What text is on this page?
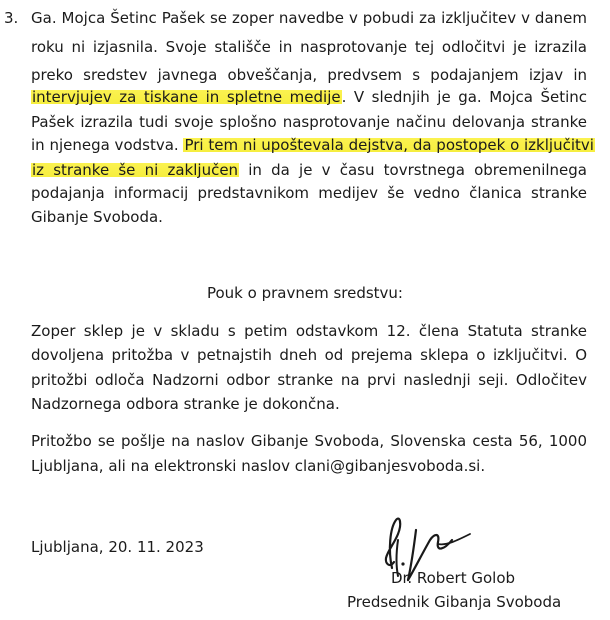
3. Ga. Mojca Šetinc Pašek se zoper navedbe v pobudi za izključitev v danem
roku ni izjasnila. Svoje stališče in nasprotovanje tej odločitvi je izrazila
preko sredstev javnega obveščanja, predvsem s podajanjem izjav in
intervjujev za tiskane in spletne medije. V slednjih je ga. Mojca Šetinc
Pašek izrazila tudi svoje splošno nasprotovanje načinu delovanja stranke
in njenega vodstva. Pri tem ni upoštevala dejstva, da postopek o izključitvi
iz stranke še ni zaključen in da je v času tovrstnega obremenilnega
podajanja informacij predstavnikom medijev še vedno članica stranke
Gibanje Svoboda.
Pouk o pravnem sredstvu:
Zoper sklep je v skladu s petim odstavkom 12. člena Statuta stranke
dovoljena pritožba v petnajstih dneh od prejema sklepa o izključitvi. O
pritožbi odloča Nadzorni odbor stranke na prvi naslednji seji. Odločitev
Nadzornega odbora stranke je dokončna.
Pritožbo se pošlje na naslov Gibanje Svoboda, Slovenska cesta 56, 1000
Ljubljana, ali na elektronski naslov clani@gibanjesvoboda.si.
Ljubljana, 20. 11. 2023
Dr. Robert Golob
Predsednik Gibanja Svoboda
